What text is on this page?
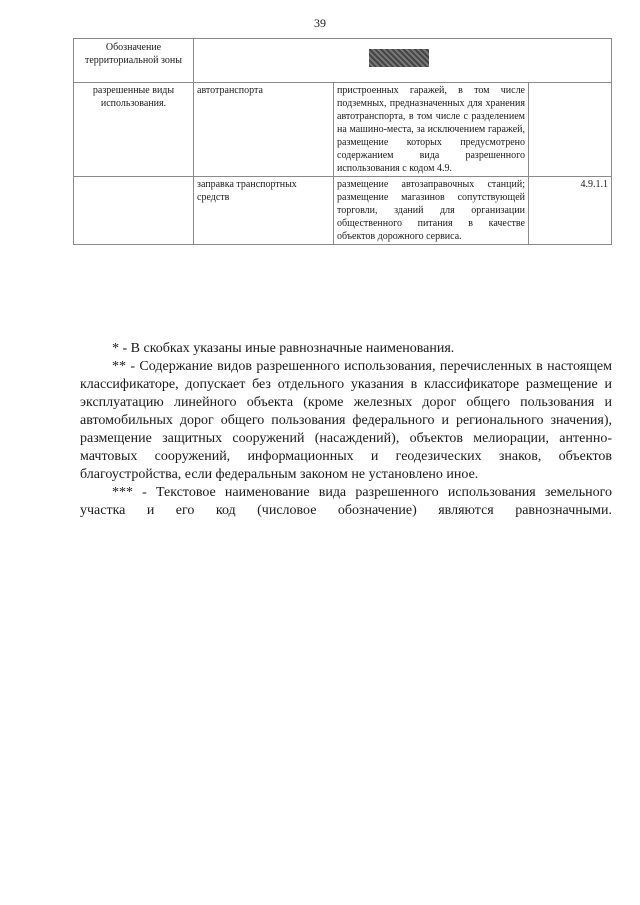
39
Обозначение территориальной зоны			

разрешенные виды использования.	автотранспорта	пристроенных гаражей, в том числе подземных, предназначенных для хранения автотранспорта, в том числе с разделением на машино-места, за исключением гаражей, размещение которых предусмотрено содержанием вида разрешенного использования с кодом 4.9.	
	заправка транспортных средств	размещение автозаправочных станций; размещение магазинов сопутствующей торговли, зданий для организации общественного питания в качестве объектов дорожного сервиса.	4.9.1.1

* - В скобках указаны иные равнозначные наименования.

** - Содержание видов разрешенного использования, перечисленных в настоящем классификаторе, допускает без отдельного указания в классификаторе размещение и эксплуатацию линейного объекта (кроме железных дорог общего пользования и автомобильных дорог общего пользования федерального и регионального значения), размещение защитных сооружений (насаждений), объектов мелиорации, антенно-мачтовых сооружений, информационных и геодезических знаков, объектов благоустройства, если федеральным законом не установлено иное.

*** - Текстовое наименование вида разрешенного использования земельного участка и его код (числовое обозначение) являются равнозначными.
